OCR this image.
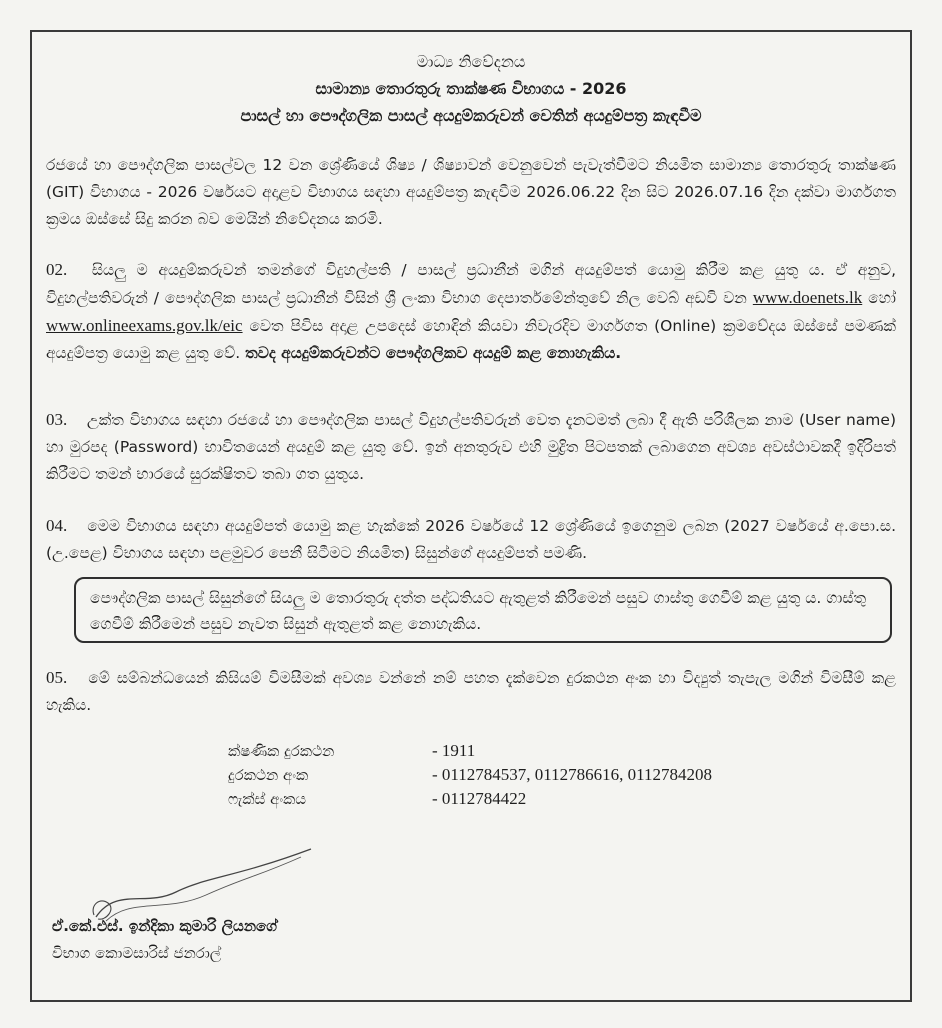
මාධ්‍ය නිවේදනය
සාමාන්‍ය තොරතුරු තාක්ෂණ විභාගය - 2026
පාසල් හා පෞද්ගලික පාසල් අයදුම්කරුවන් වෙතින් අයදුම්පත්‍ර කැඳවීම
රජයේ හා පෞද්ගලික පාසල්වල 12 වන ශ්‍රේණියේ ශිෂ්‍ය / ශිෂ්‍යාවන් වෙනුවෙන් පැවැත්වීමට නියමිත සාමාන්‍ය තොරතුරු තාක්ෂණ (GIT) විභාගය - 2026 වර්ෂයට අදාළව විභාගය සඳහා අයදුම්පත්‍ර කැඳවීම 2026.06.22 දින සිට 2026.07.16 දින දක්වා මාර්ගගත ක්‍රමය ඔස්සේ සිදු කරන බව මෙයින් නිවේදනය කරමි.
02. සියලු ම අයදුම්කරුවන් තමන්ගේ විදුහල්පති / පාසල් ප්‍රධානීන් මගින් අයදුම්පත් යොමු කිරීම කළ යුතු ය. ඒ අනුව, විදුහල්පතිවරුන් / පෞද්ගලික පාසල් ප්‍රධානීන් විසින් ශ්‍රී ලංකා විභාග දෙපාර්තමේන්තුවේ නිල වෙබ් අඩවි වන www.doenets.lk හෝ www.onlineexams.gov.lk/eic වෙත පිවිස අදාළ උපදෙස් හොඳින් කියවා නිවැරදිව මාර්ගගත (Online) ක්‍රමවේදය ඔස්සේ පමණක් අයදුම්පත්‍ර යොමු කළ යුතු වේ. තවද අයදුම්කරුවන්ට පෞද්ගලිකව අයදුම් කළ නොහැකිය.
03. උක්ත විභාගය සඳහා රජයේ හා පෞද්ගලික පාසල් විදුහල්පතිවරුන් වෙත දැනටමත් ලබා දී ඇති පරිශීලක නාම (User name) හා මුරපද (Password) භාවිතයෙන් අයදුම් කළ යුතු වේ. ඉන් අනතුරුව එහි මුද්‍රිත පිටපතක් ලබාගෙන අවශ්‍ය අවස්ථාවකදී ඉදිරිපත් කිරීමට තමන් භාරයේ සුරක්ෂිතව තබා ගත යුතුය.
04. මෙම විභාගය සඳහා අයදුම්පත් යොමු කළ හැක්කේ 2026 වර්ෂයේ 12 ශ්‍රේණියේ ඉගෙනුම ලබන (2027 වර්ෂයේ අ.පො.ස. (උ.පෙළ) විභාගය සඳහා පළමුවර පෙනී සිටීමට නියමිත) සිසුන්ගේ අයදුම්පත් පමණි.
පෞද්ගලික පාසල් සිසුන්ගේ සියලු ම තොරතුරු දත්ත පද්ධතියට ඇතුළත් කිරීමෙන් පසුව ගාස්තු ගෙවීම් කළ යුතු ය. ගාස්තු ගෙවීම් කිරීමෙන් පසුව නැවත සිසුන් ඇතුළත් කළ නොහැකිය.
05. මේ සම්බන්ධයෙන් කිසියම් විමසීමක් අවශ්‍ය වන්නේ නම් පහත දැක්වෙන දුරකථන අංක හා විද්‍යුත් තැපැල මගින් විමසීම් කළ හැකිය.
ක්ෂණික දුරකථන	- 1911
දුරකථන අංක	- 0112784537, 0112786616, 0112784208
ෆැක්ස් අංකය	- 0112784422
ඒ.කේ.එස්. ඉන්දිකා කුමාරි ලියනගේ
විභාග කොමසාරිස් ජනරාල්
